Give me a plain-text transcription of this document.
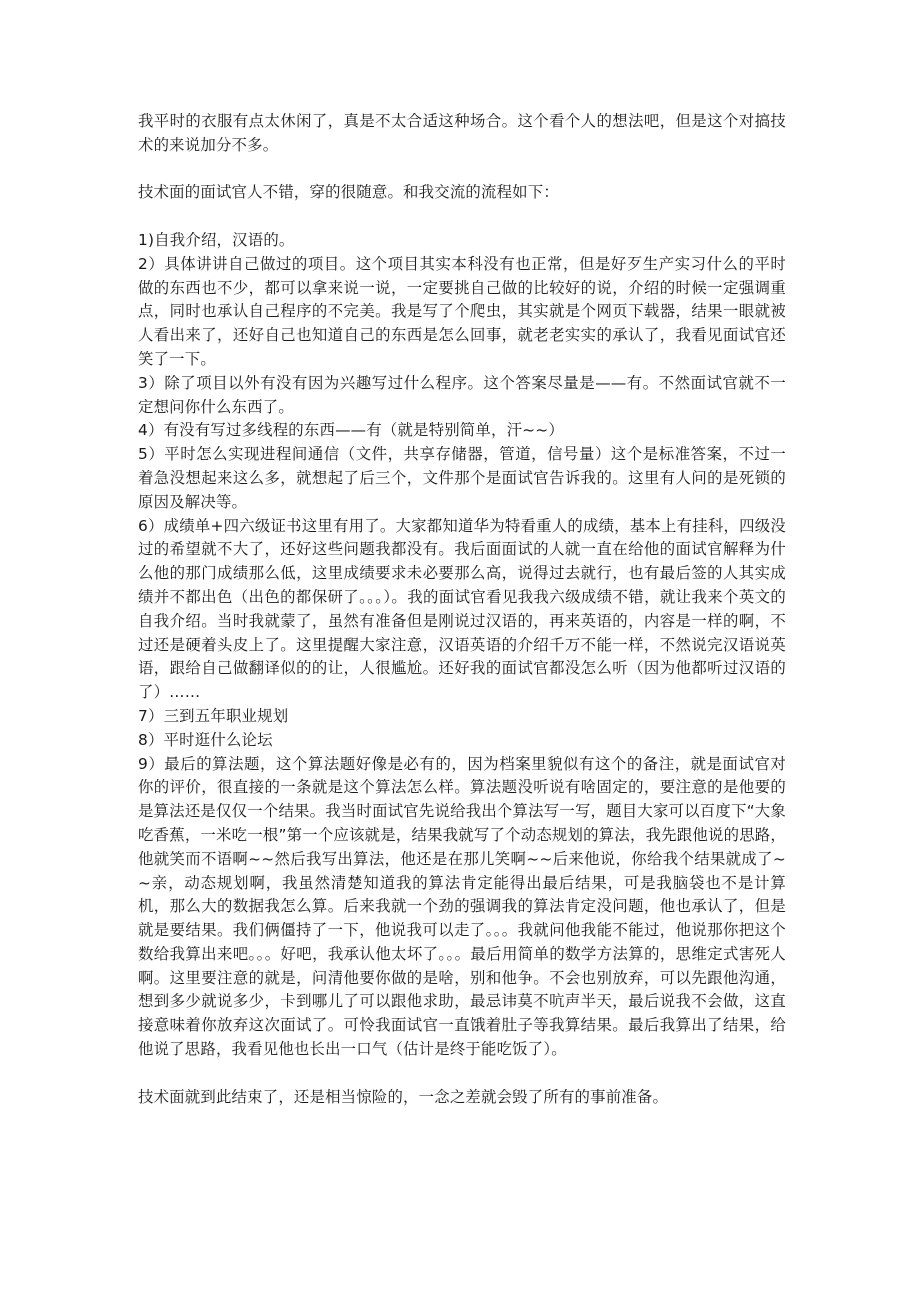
我平时的衣服有点太休闲了，真是不太合适这种场合。这个看个人的想法吧，但是这个对搞技术的来说加分不多。

技术面的面试官人不错，穿的很随意。和我交流的流程如下：

1)自我介绍，汉语的。

2）具体讲讲自己做过的项目。这个项目其实本科没有也正常，但是好歹生产实习什么的平时做的东西也不少，都可以拿来说一说，一定要挑自己做的比较好的说，介绍的时候一定强调重点，同时也承认自己程序的不完美。我是写了个爬虫，其实就是个网页下载器，结果一眼就被人看出来了，还好自己也知道自己的东西是怎么回事，就老老实实的承认了，我看见面试官还笑了一下。

3）除了项目以外有没有因为兴趣写过什么程序。这个答案尽量是——有。不然面试官就不一定想问你什么东西了。

4）有没有写过多线程的东西——有（就是特别简单，汗~~）

5）平时怎么实现进程间通信（文件，共享存储器，管道，信号量）这个是标准答案，不过一着急没想起来这么多，就想起了后三个，文件那个是面试官告诉我的。这里有人问的是死锁的原因及解决等。

6）成绩单+四六级证书这里有用了。大家都知道华为特看重人的成绩，基本上有挂科，四级没过的希望就不大了，还好这些问题我都没有。我后面面试的人就一直在给他的面试官解释为什么他的那门成绩那么低，这里成绩要求未必要那么高，说得过去就行，也有最后签的人其实成绩并不都出色（出色的都保研了。。。）。我的面试官看见我我六级成绩不错，就让我来个英文的自我介绍。当时我就蒙了，虽然有准备但是刚说过汉语的，再来英语的，内容是一样的啊，不过还是硬着头皮上了。这里提醒大家注意，汉语英语的介绍千万不能一样，不然说完汉语说英语，跟给自己做翻译似的的让，人很尴尬。还好我的面试官都没怎么听（因为他都听过汉语的了）……

7）三到五年职业规划

8）平时逛什么论坛

9）最后的算法题，这个算法题好像是必有的，因为档案里貌似有这个的备注，就是面试官对你的评价，很直接的一条就是这个算法怎么样。算法题没听说有啥固定的，要注意的是他要的是算法还是仅仅一个结果。我当时面试官先说给我出个算法写一写，题目大家可以百度下“大象吃香蕉，一米吃一根”第一个应该就是，结果我就写了个动态规划的算法，我先跟他说的思路，他就笑而不语啊~~然后我写出算法，他还是在那儿笑啊~~后来他说，你给我个结果就成了~~亲，动态规划啊，我虽然清楚知道我的算法肯定能得出最后结果，可是我脑袋也不是计算机，那么大的数据我怎么算。后来我就一个劲的强调我的算法肯定没问题，他也承认了，但是就是要结果。我们俩僵持了一下，他说我可以走了。。。我就问他我能不能过，他说那你把这个数给我算出来吧。。。好吧，我承认他太坏了。。。最后用简单的数学方法算的，思维定式害死人啊。这里要注意的就是，问清他要你做的是啥，别和他争。不会也别放弃，可以先跟他沟通，想到多少就说多少，卡到哪儿了可以跟他求助，最忌讳莫不吭声半天，最后说我不会做，这直接意味着你放弃这次面试了。可怜我面试官一直饿着肚子等我算结果。最后我算出了结果，给他说了思路，我看见他也长出一口气（估计是终于能吃饭了）。

技术面就到此结束了，还是相当惊险的，一念之差就会毁了所有的事前准备。
